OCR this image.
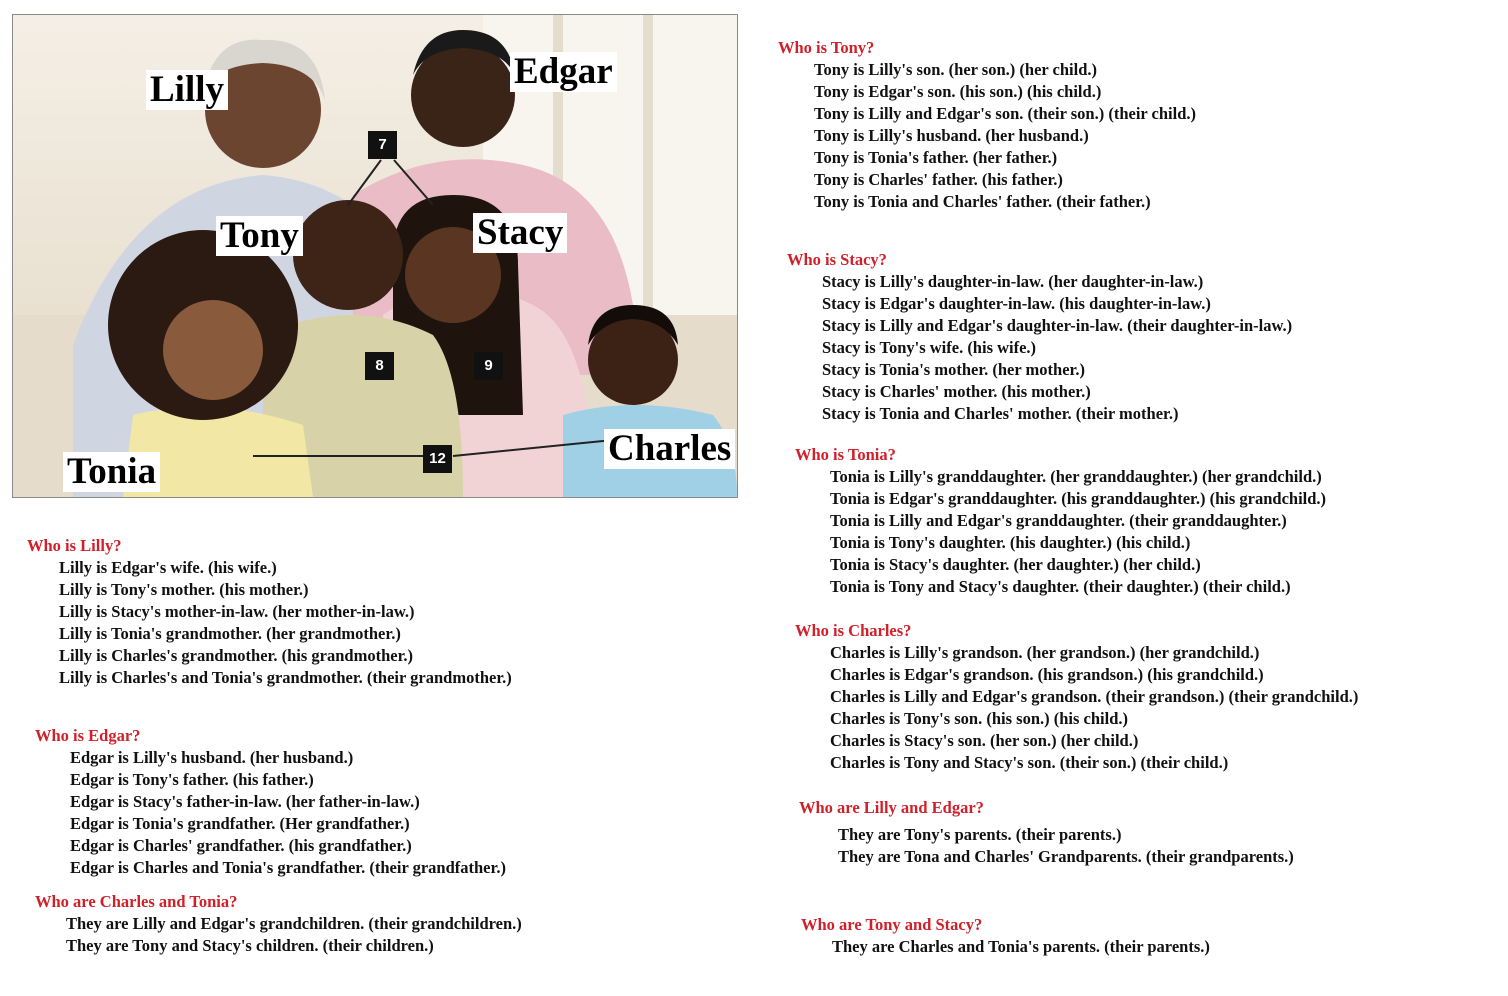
Lilly	Edgar
Tony	Stacy
Tonia
Charles
7
8	9
12
Who is Lilly?
Lilly is Edgar's wife. (his wife.)
Lilly is Tony's mother. (his mother.)
Lilly is Stacy's mother-in-law. (her mother-in-law.)
Lilly is Tonia's grandmother. (her grandmother.)
Lilly is Charles's grandmother. (his grandmother.)
Lilly is Charles's and Tonia's grandmother. (their grandmother.)
Who is Edgar?
Edgar is Lilly's husband. (her husband.)
Edgar is Tony's father. (his father.)
Edgar is Stacy's father-in-law. (her father-in-law.)
Edgar is Tonia's grandfather. (Her grandfather.)
Edgar is Charles' grandfather. (his grandfather.)
Edgar is Charles and Tonia's grandfather. (their grandfather.)
Who are Charles and Tonia?
They are Lilly and Edgar's grandchildren. (their grandchildren.)
They are Tony and Stacy's children. (their children.)
Who is Tony?
Tony is Lilly's son. (her son.) (her child.)
Tony is Edgar's son. (his son.) (his child.)
Tony is Lilly and Edgar's son. (their son.) (their child.)
Tony is Lilly's husband. (her husband.)
Tony is Tonia's father. (her father.)
Tony is Charles' father. (his father.)
Tony is Tonia and Charles' father. (their father.)
Who is Stacy?
Stacy is Lilly's daughter-in-law. (her daughter-in-law.)
Stacy is Edgar's daughter-in-law. (his daughter-in-law.)
Stacy is Lilly and Edgar's daughter-in-law. (their daughter-in-law.)
Stacy is Tony's wife. (his wife.)
Stacy is Tonia's mother. (her mother.)
Stacy is Charles' mother. (his mother.)
Stacy is Tonia and Charles' mother. (their mother.)
Who is Tonia?
Tonia is Lilly's granddaughter. (her granddaughter.) (her grandchild.)
Tonia is Edgar's granddaughter. (his granddaughter.) (his grandchild.)
Tonia is Lilly and Edgar's granddaughter. (their granddaughter.)
Tonia is Tony's daughter. (his daughter.) (his child.)
Tonia is Stacy's daughter. (her daughter.) (her child.)
Tonia is Tony and Stacy's daughter. (their daughter.) (their child.)
Who is Charles?
Charles is Lilly's grandson. (her grandson.) (her grandchild.)
Charles is Edgar's grandson. (his grandson.) (his grandchild.)
Charles is Lilly and Edgar's grandson. (their grandson.) (their grandchild.)
Charles is Tony's son. (his son.) (his child.)
Charles is Stacy's son. (her son.) (her child.)
Charles is Tony and Stacy's son. (their son.) (their child.)
Who are Lilly and Edgar?
They are Tony's parents. (their parents.)
They are Tona and Charles' Grandparents. (their grandparents.)
Who are Tony and Stacy?
They are Charles and Tonia's parents. (their parents.)
